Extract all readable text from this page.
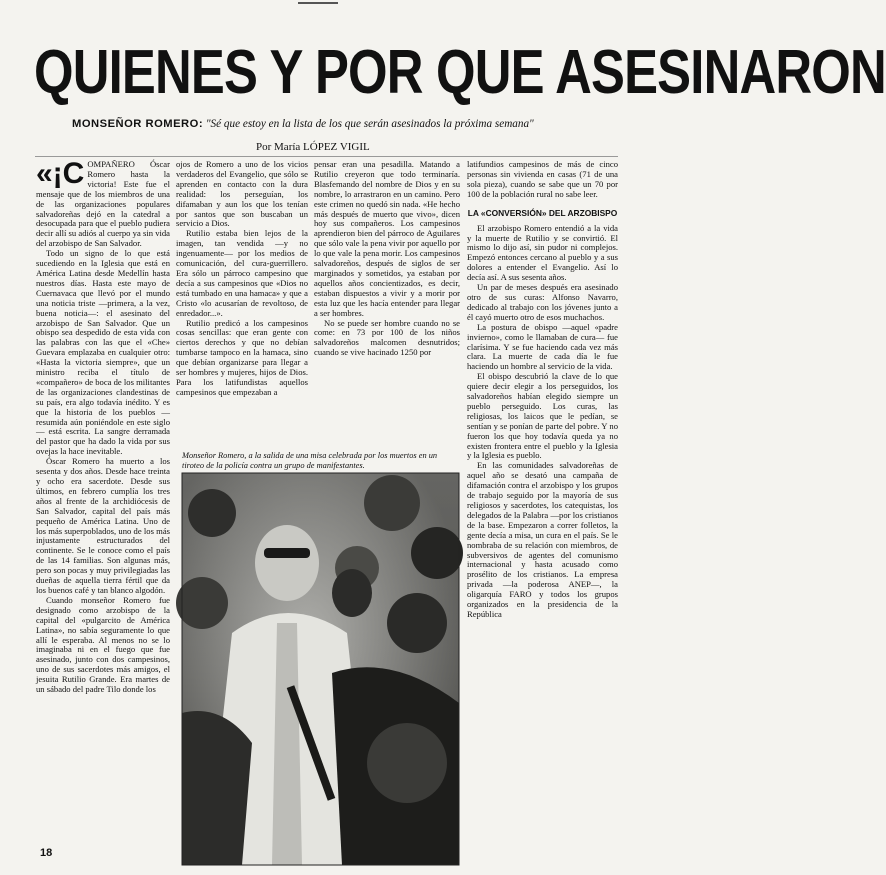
QUIENES Y POR QUE ASESINARON
MONSEÑOR ROMERO: "Sé que estoy en la lista de los que serán asesinados la próxima semana"
Por María LÓPEZ VIGIL

«¡C OMPAÑERO Óscar Romero hasta la victoria! Este fue el mensaje que de los miembros de una de las organizaciones populares salvadoreñas dejó en la catedral a desocupada para que el pueblo pudiera decir allí su adiós al cuerpo ya sin vida del arzobispo de San Salvador.

Todo un signo de lo que está sucediendo en la Iglesia que está en América Latina desde Medellín hasta nuestros días. Hasta este mayo de Cuernavaca que llevó por el mundo una noticia triste —primera, a la vez, buena noticia—: el asesinato del arzobispo de San Salvador. Que un obispo sea despedido de esta vida con las palabras con las que el «Che» Guevara emplazaba en cualquier otro: «Hasta la victoria siempre», que un ministro reciba el título de «compañero» de boca de los militantes de las organizaciones clandestinas de su país, era algo todavía inédito. Y es que la historia de los pueblos —resumida aún poniéndole en este siglo— está escrita. La sangre derramada del pastor que ha dado la vida por sus ovejas la hace inevitable.

Óscar Romero ha muerto a los sesenta y dos años. Desde hace treinta y ocho era sacerdote. Desde sus últimos, en febrero cumplía los tres años al frente de la archidiócesis de San Salvador, capital del país más pequeño de América Latina. Uno de los más superpoblados, uno de los más injustamente estructurados del continente. Se le conoce como el país de las 14 familias. Son algunas más, pero son pocas y muy privilegiadas las dueñas de aquella tierra fértil que da los buenos café y tan blanco algodón.

Cuando monseñor Romero fue designado como arzobispo de la capital del «pulgarcito de América Latina», no sabía seguramente lo que allí le esperaba. Al menos no se lo imaginaba ni en el fuego que fue asesinado, junto con dos campesinos, uno de sus sacerdotes más amigos, el jesuita Rutilio Grande. Era martes de un sábado del padre Tilo donde los

ojos de Romero a uno de los vicios verdaderos del Evangelio, que sólo se aprenden en contacto con la dura realidad: los perseguían, los difamaban y aun los que los tenían por santos que son buscaban un servicio a Dios.

Rutilio estaba bien lejos de la imagen, tan vendida —y no ingenuamente— por los medios de comunicación, del cura-guerrillero. Era sólo un párroco campesino que decía a sus campesinos que «Dios no está tumbado en una hamaca» y que a Cristo «lo acusarían de revoltoso, de enredador...».

Rutilio predicó a los campesinos cosas sencillas: que eran gente con ciertos derechos y que no debían tumbarse tampoco en la hamaca, sino que debían organizarse para llegar a ser hombres y mujeres, hijos de Dios. Para los latifundistas aquellos campesinos que empezaban a

pensar eran una pesadilla. Matando a Rutilio creyeron que todo terminaría. Blasfemando del nombre de Dios y en su nombre, lo arrastraron en un camino. Pero este crimen no quedó sin nada. «He hecho más después de muerto que vivo», dicen hoy sus compañeros. Los campesinos aprendieron bien del párroco de Aguilares que sólo vale la pena vivir por aquello por lo que vale la pena morir. Los campesinos salvadoreños, después de siglos de ser marginados y sometidos, ya estaban por aquellos años concientizados, es decir, estaban dispuestos a vivir y a morir por esta luz que les hacía entender para llegar a ser hombres.

No se puede ser hombre cuando no se come: en 73 por 100 de los niños salvadoreños malcomen desnutridos; cuando se vive hacinado 1250 por

Monseñor Romero, a la salida de una misa celebrada por los muertos en un tiroteo de la policía contra un grupo de manifestantes.

latifundios campesinos de más de cinco personas sin vivienda en casas (71 de una sola pieza), cuando se sabe que un 70 por 100 de la población rural no sabe leer.

LA «CONVERSIÓN» DEL ARZOBISPO

El arzobispo Romero entendió a la vida y la muerte de Rutilio y se convirtió. El mismo lo dijo así, sin pudor ni complejos. Empezó entonces cercano al pueblo y a sus dolores a entender el Evangelio. Así lo decía así. A sus sesenta años.

Un par de meses después era asesinado otro de sus curas: Alfonso Navarro, dedicado al trabajo con los jóvenes junto a él cayó muerto otro de esos muchachos.

La postura de obispo —aquel «padre invierno», como le llamaban de cura— fue clarísima. Y se fue haciendo cada vez más clara. La muerte de cada día le fue haciendo un hombre al servicio de la vida.

El obispo descubrió la clave de lo que quiere decir elegir a los perseguidos, los salvadoreños habían elegido siempre un pueblo perseguido. Los curas, las religiosas, los laicos que le pedían, se sentían y se ponían de parte del pobre. Y no fueron los que hoy todavía queda ya no existen frontera entre el pueblo y la Iglesia y la Iglesia es pueblo.

En las comunidades salvadoreñas de aquel año se desató una campaña de difamación contra el arzobispo y los grupos de trabajo seguido por la mayoría de sus religiosos y sacerdotes, los catequistas, los delegados de la Palabra —por los cristianos de la base. Empezaron a correr folletos, la gente decía a misa, un cura en el país. Se le nombraba de su relación con miembros, de subversivos de agentes del comunismo internacional y hasta acusado como prosélito de los cristianos. La empresa privada —la poderosa ANEP—, la oligarquía FARO y todos los grupos organizados en la presidencia de la República

18
